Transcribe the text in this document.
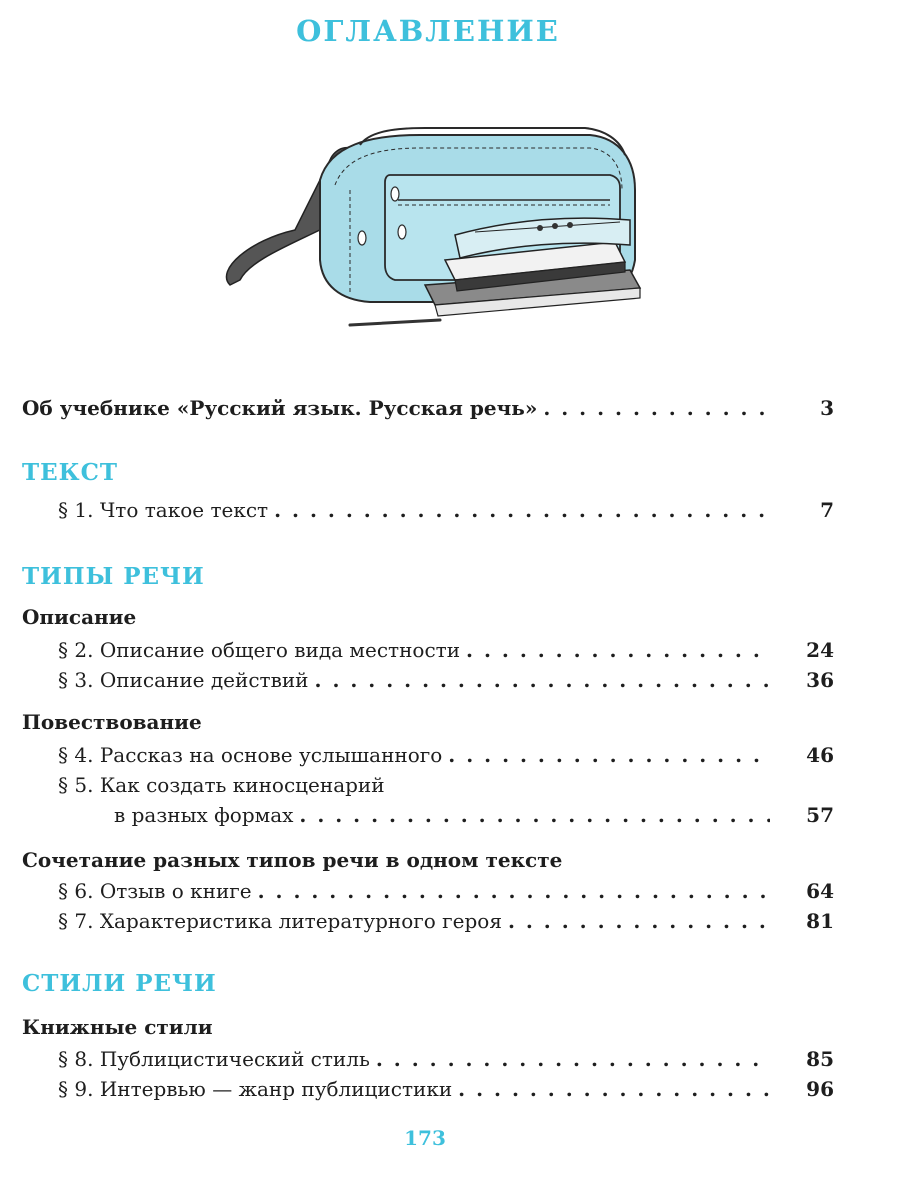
ОГЛАВЛЕНИЕ
Об учебнике «Русский язык. Русская речь» . . .	3
ТЕКСТ
§ 1. Что такое текст . . .	7
ТИПЫ РЕЧИ
Описание
§ 2. Описание общего вида местности . . .	24
§ 3. Описание действий . . .	36
Повествование
§ 4. Рассказ на основе услышанного . . .	46
§ 5. Как создать киносценарий
в разных формах . . .	57
Сочетание разных типов речи в одном тексте
§ 6. Отзыв о книге . . .	64
§ 7. Характеристика литературного героя . . .	81
СТИЛИ РЕЧИ
Книжные стили
§ 8. Публицистический стиль . . .	85
§ 9. Интервью — жанр публицистики . . .	96
173
